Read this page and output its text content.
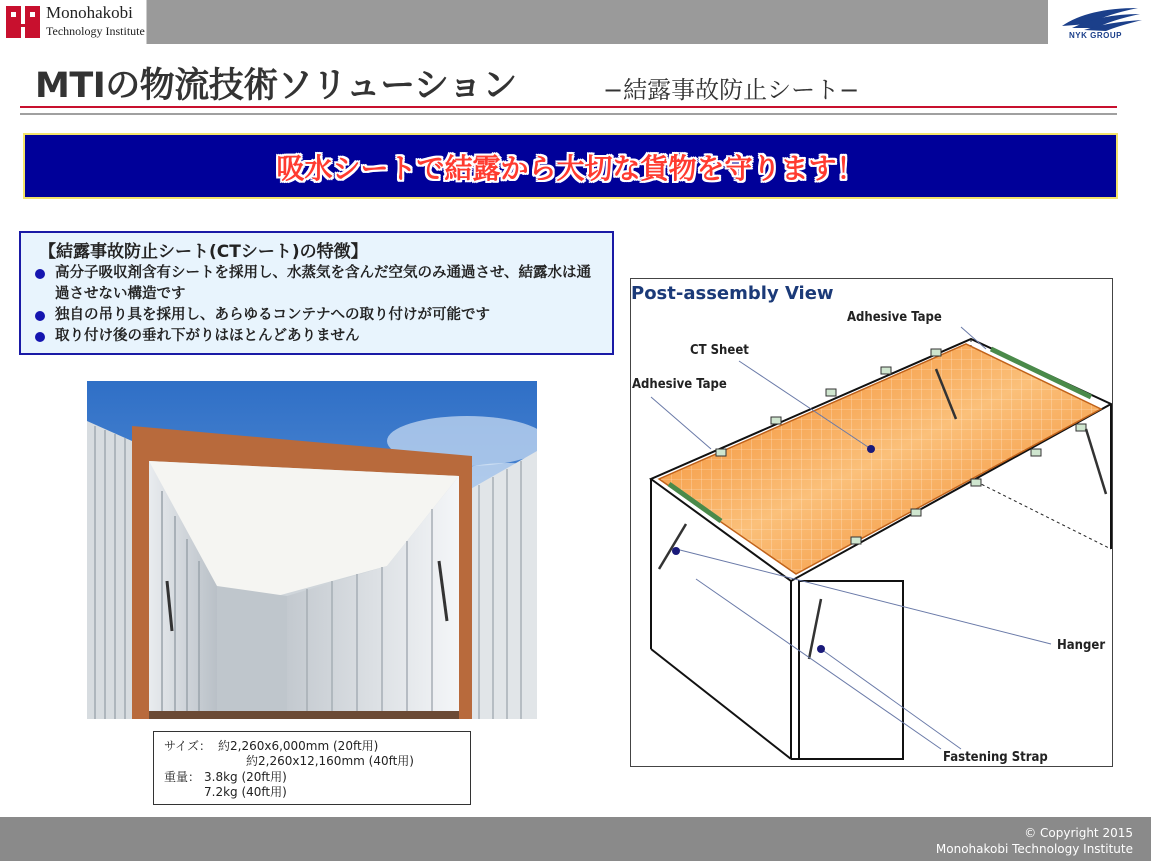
Monohakobi
Technology Institute	NYK GROUP
MTIの物流技術ソリューション	−結露事故防止シート−
吸水シートで結露から大切な貨物を守ります！
【結露事故防止シート(CTシート)の特徴】
高分子吸収剤含有シートを採用し、水蒸気を含んだ空気のみ通過させ、結露水は通過させない構造です
独自の吊り具を採用し、あらゆるコンテナへの取り付けが可能です
取り付け後の垂れ下がりはほとんどありません
サイズ： 約2,260x6,000mm (20ft用)
約2,260x12,160mm (40ft用)
重量： 3.8kg (20ft用)
7.2kg (40ft用)
Post-assembly View
Adhesive Tape
CT Sheet
Adhesive Tape
Hanger
Fastening Strap
© Copyright 2015
Monohakobi Technology Institute
